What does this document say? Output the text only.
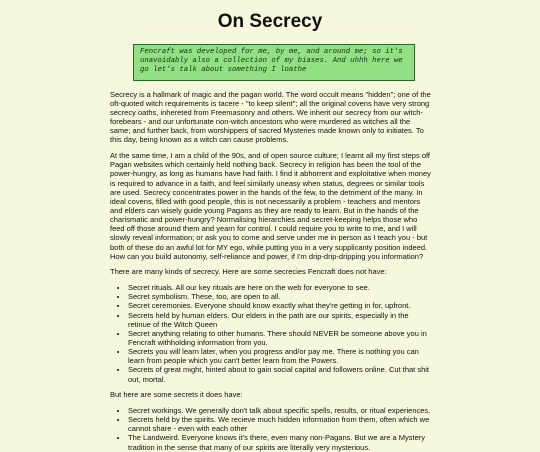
On Secrecy
Fencraft was developed for me, by me, and around me; so it's unavoidably also a collection of my biases. And uhhh here we go let's talk about something I loathe

Secrecy is a hallmark of magic and the pagan world. The word occult means "hidden"; one of the oft-quoted witch requirements is tacere - "to keep silent"; all the original covens have very strong secrecy oaths, inhereted from Freemasonry and others. We inherit our secrecy from our witch-forebears - and our unfortunate non-witch ancestors who were murdered as witches all the same; and further back, from worshippers of sacred Mysteries made known only to initiates. To this day, being known as a witch can cause problems.

At the same time, I am a child of the 90s, and of open source culture; I learnt all my first steps off Pagan websites which certainly held nothing back. Secrecy in religion has been the tool of the power-hungry, as long as humans have had faith. I find it abhorrent and exploitative when money is required to advance in a faith, and feel similarly uneasy when status, degrees or similar tools are used. Secrecy concentrates power in the hands of the few, to the detriment of the many. In ideal covens, filled with good people, this is not necessarily a problem - teachers and mentors and elders can wisely guide young Pagans as they are ready to learn. But in the hands of the charismatic and power-hungry? Normalising hierarchies and secret-keeping helps those who feed off those around them and yearn for control. I could require you to write to me, and I will slowly reveal information; or ask you to come and serve under me in person as I teach you - but both of these do an awful lot for MY ego, while putting you in a very supplicanty position indeed. How can you build autonomy, self-reliance and power, if I'm drip-drip-dripping you information?

There are many kinds of secrecy. Here are some secrecies Fencraft does not have:

• Secret rituals. All our key rituals are here on the web for everyone to see.
• Secret symbolism. These, too, are open to all.
• Secret ceremonies. Everyone should know exactly what they're getting in for, upfront.
• Secrets held by human elders. Our elders in the path are our spirits, especially in the retinue of the Witch Queen
• Secret anything relating to other humans. There should NEVER be someone above you in Fencraft withholding information from you.
• Secrets you will learn later, when you progress and/or pay me. There is nothing you can learn from people which you can't better learn from the Powers.
• Secrets of great might, hinted about to gain social capital and followers online. Cut that shit out, mortal.

But here are some secrets it does have:

• Secret workings. We generally don't talk about specific spells, results, or ritual experiences.
• Secrets held by the spirits. We recieve much hidden information from them, often which we cannot share - even with each other
• The Landweird. Everyone knows it's there, even many non-Pagans. But we are a Mystery tradition in the sense that many of our spirits are literally very mysterious.
